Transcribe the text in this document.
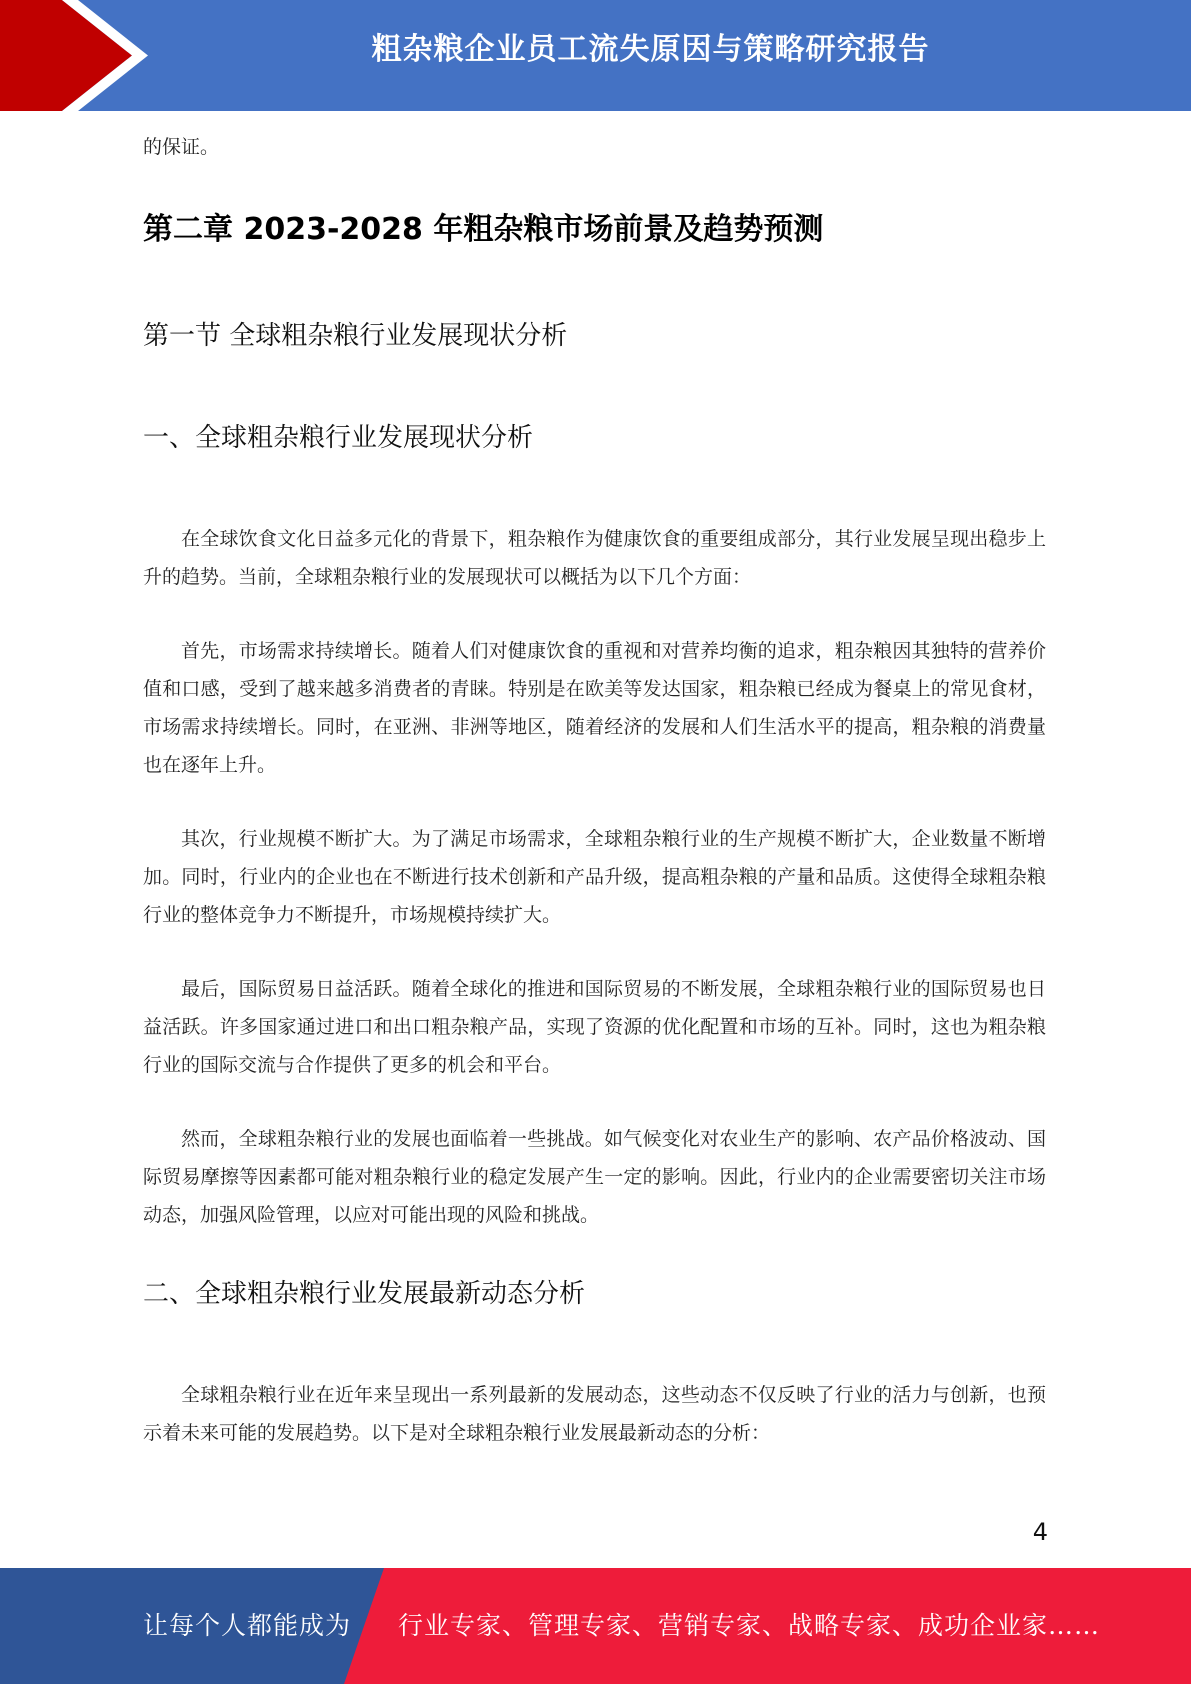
粗杂粮企业员工流失原因与策略研究报告

的保证。

第二章 2023-2028 年粗杂粮市场前景及趋势预测
第一节 全球粗杂粮行业发展现状分析
一、全球粗杂粮行业发展现状分析

在全球饮食文化日益多元化的背景下，粗杂粮作为健康饮食的重要组成部分，其行业发展呈现出稳步上升的趋势。当前，全球粗杂粮行业的发展现状可以概括为以下几个方面：

首先，市场需求持续增长。随着人们对健康饮食的重视和对营养均衡的追求，粗杂粮因其独特的营养价值和口感，受到了越来越多消费者的青睐。特别是在欧美等发达国家，粗杂粮已经成为餐桌上的常见食材，市场需求持续增长。同时，在亚洲、非洲等地区，随着经济的发展和人们生活水平的提高，粗杂粮的消费量也在逐年上升。

其次，行业规模不断扩大。为了满足市场需求，全球粗杂粮行业的生产规模不断扩大，企业数量不断增加。同时，行业内的企业也在不断进行技术创新和产品升级，提高粗杂粮的产量和品质。这使得全球粗杂粮行业的整体竞争力不断提升，市场规模持续扩大。

最后，国际贸易日益活跃。随着全球化的推进和国际贸易的不断发展，全球粗杂粮行业的国际贸易也日益活跃。许多国家通过进口和出口粗杂粮产品，实现了资源的优化配置和市场的互补。同时，这也为粗杂粮行业的国际交流与合作提供了更多的机会和平台。

然而，全球粗杂粮行业的发展也面临着一些挑战。如气候变化对农业生产的影响、农产品价格波动、国际贸易摩擦等因素都可能对粗杂粮行业的稳定发展产生一定的影响。因此，行业内的企业需要密切关注市场动态，加强风险管理，以应对可能出现的风险和挑战。

二、全球粗杂粮行业发展最新动态分析

全球粗杂粮行业在近年来呈现出一系列最新的发展动态，这些动态不仅反映了行业的活力与创新，也预示着未来可能的发展趋势。以下是对全球粗杂粮行业发展最新动态的分析：

4
让每个人都能成为 行业专家、管理专家、营销专家、战略专家、成功企业家……
